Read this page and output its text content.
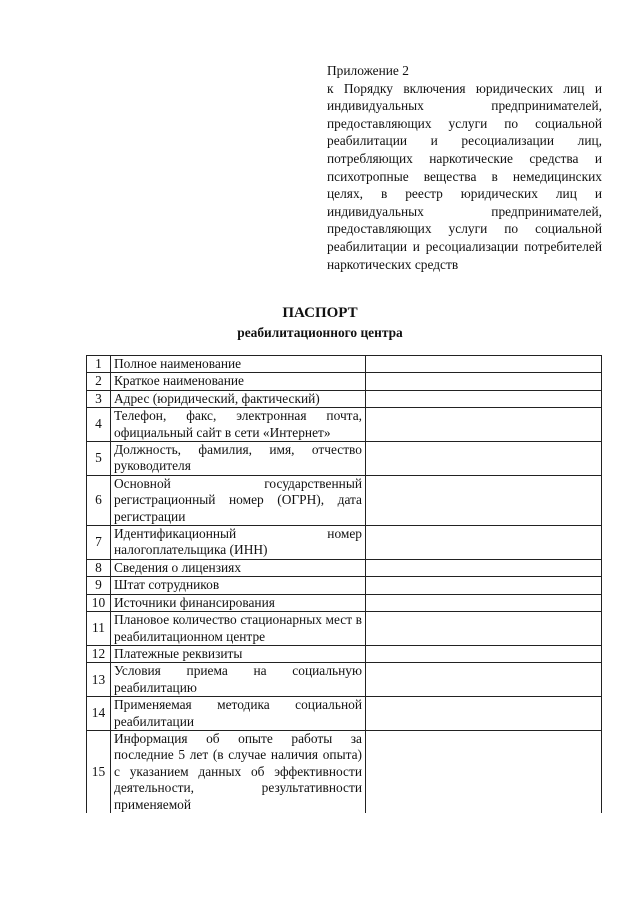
Приложение 2
к Порядку включения юридических лиц и индивидуальных предпринимателей, предоставляющих услуги по социальной реабилитации и ресоциализации лиц, потребляющих наркотические средства и психотропные вещества в немедицинских целях, в реестр юридических лиц и индивидуальных предпринимателей, предоставляющих услуги по социальной реабилитации и ресоциализации потребителей наркотических средств
ПАСПОРТ
реабилитационного центра
1	Полное наименование	
2	Краткое наименование	
3	Адрес (юридический, фактический)	
4	Телефон, факс, электронная почта, официальный сайт в сети «Интернет»	
5	Должность, фамилия, имя, отчество руководителя	
6	Основной государственный регистрационный номер (ОГРН), дата регистрации	
7	Идентификационный номер налогоплательщика (ИНН)	
8	Сведения о лицензиях	
9	Штат сотрудников	
10	Источники финансирования	
11	Плановое количество стационарных мест в реабилитационном центре	
12	Платежные реквизиты	
13	Условия приема на социальную реабилитацию	
14	Применяемая методика социальной реабилитации	
15	Информация об опыте работы за последние 5 лет (в случае наличия опыта) с указанием данных об эффективности деятельности, результативности применяемой	
